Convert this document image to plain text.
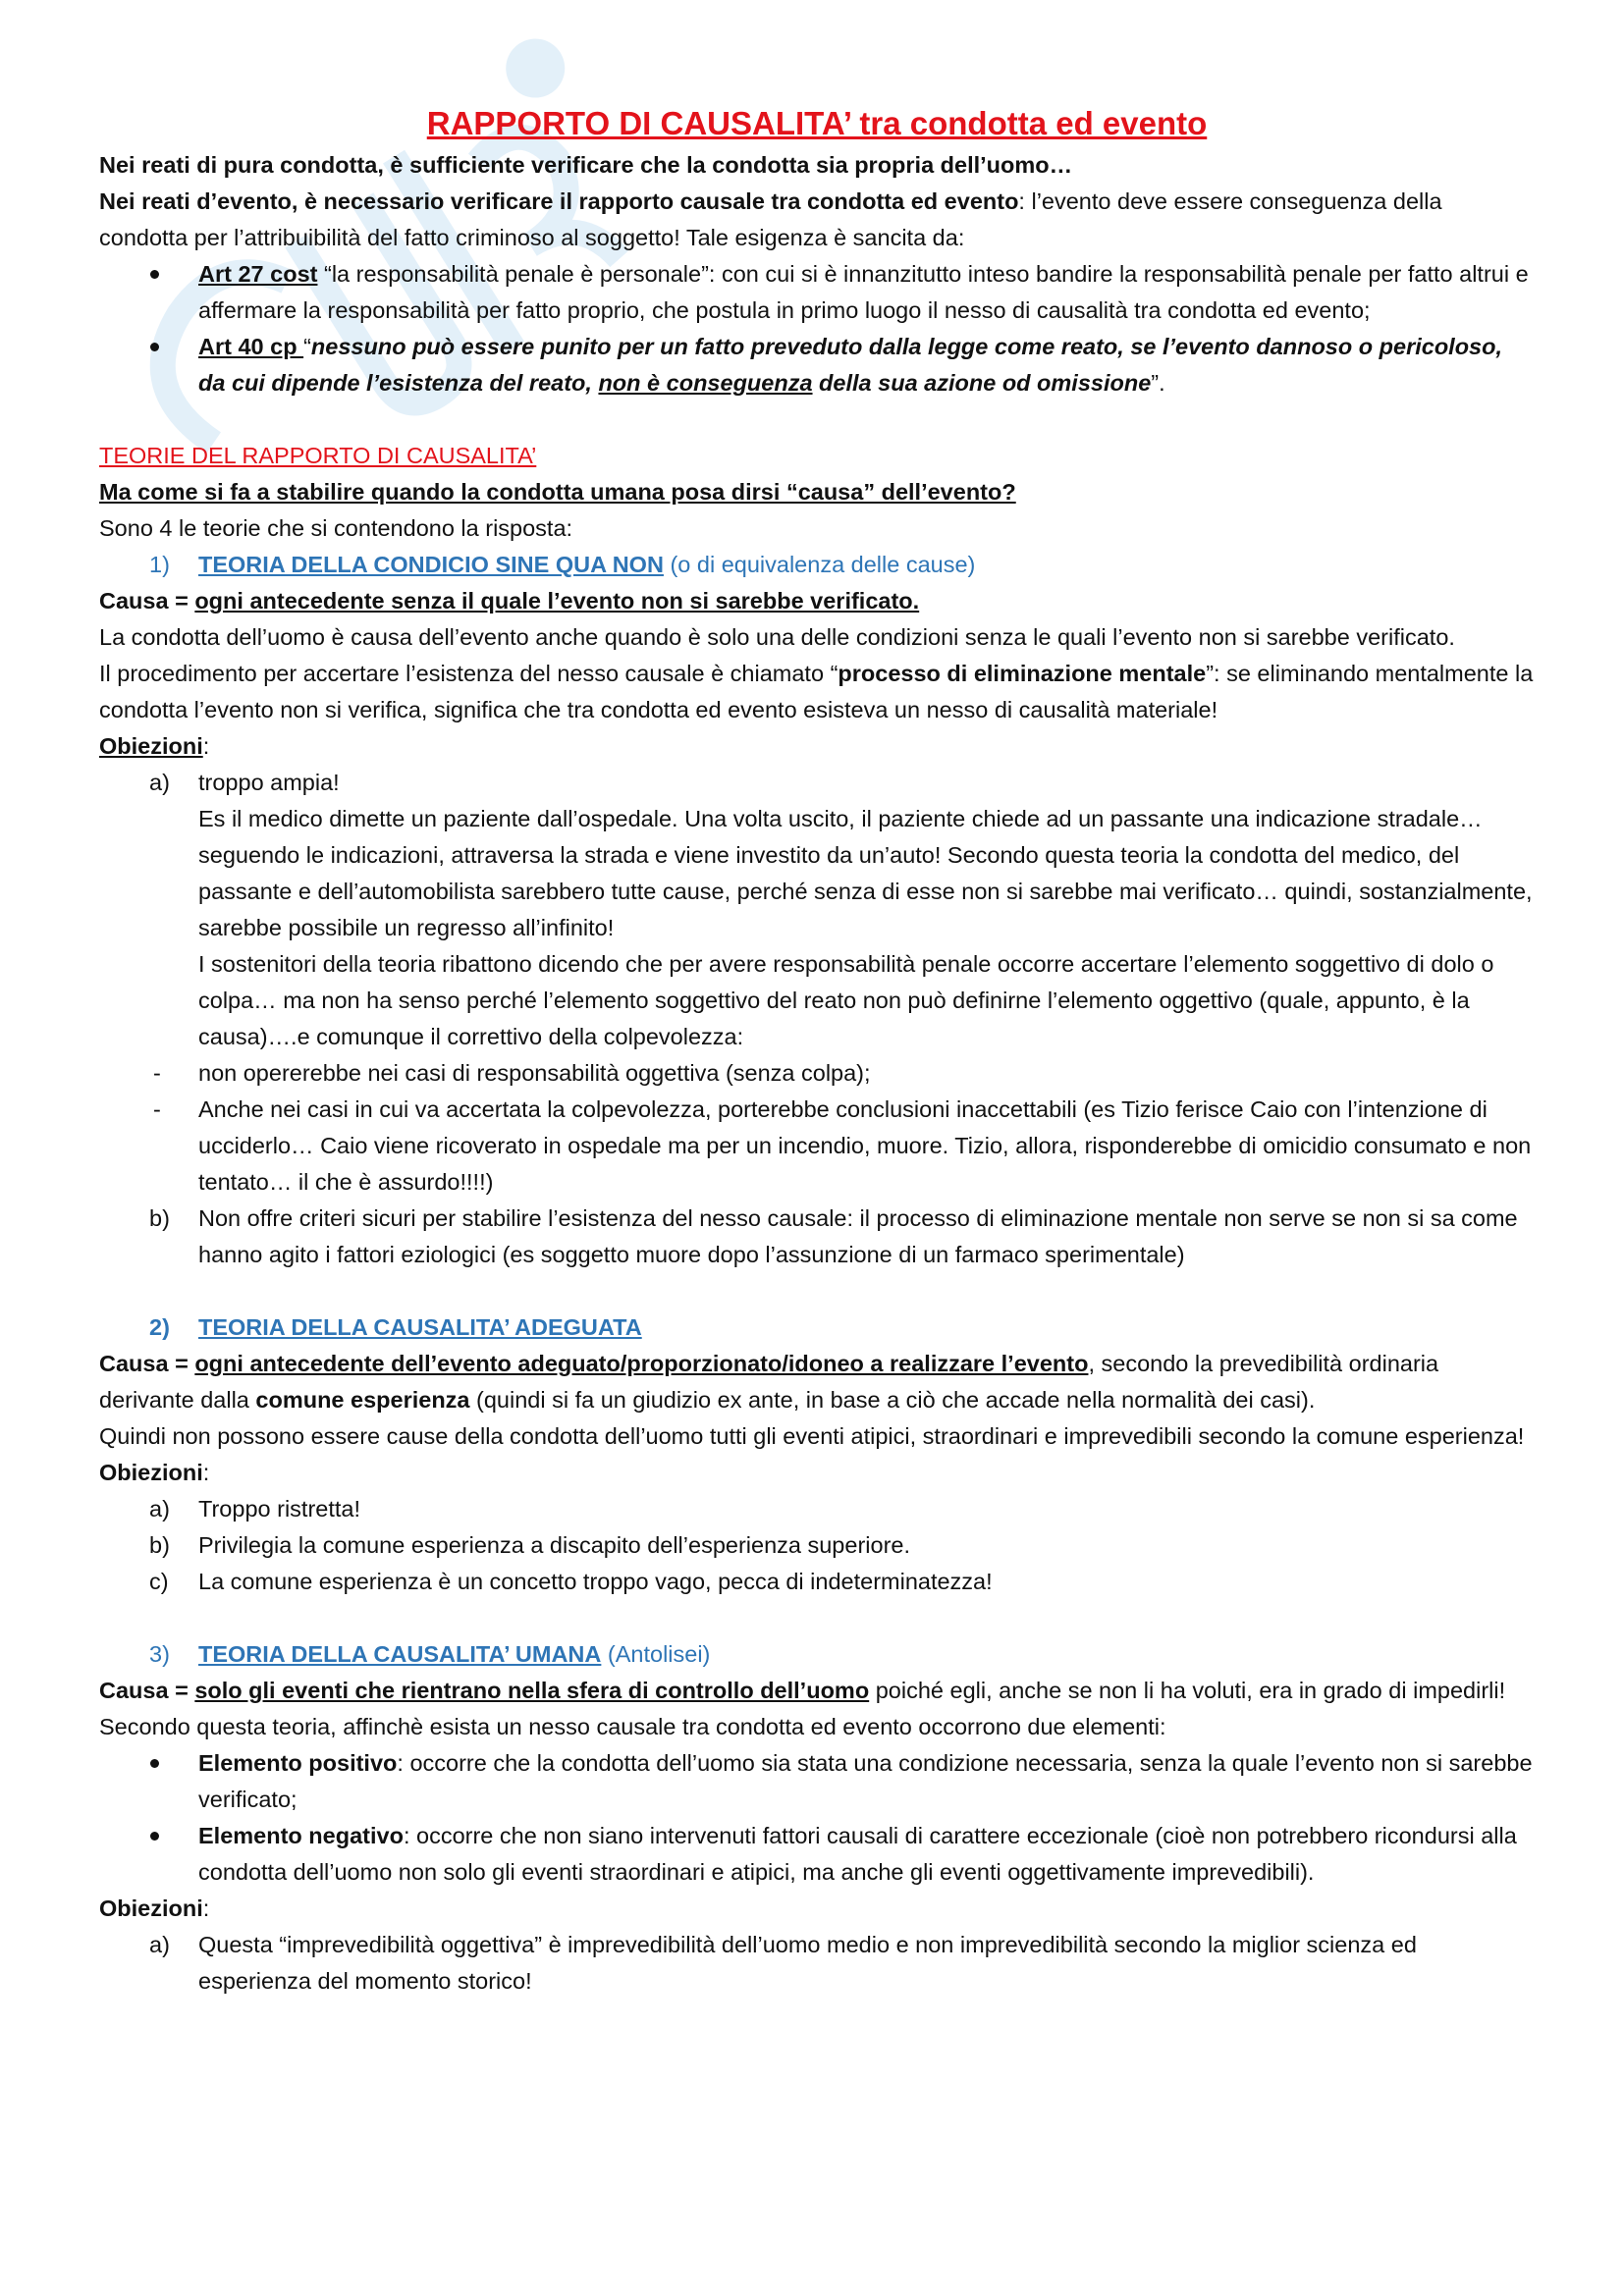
RAPPORTO DI CAUSALITA’ tra condotta ed evento

Nei reati di pura condotta, è sufficiente verificare che la condotta sia propria dell’uomo…

Nei reati d’evento, è necessario verificare il rapporto causale tra condotta ed evento: l’evento deve essere conseguenza della condotta per l’attribuibilità del fatto criminoso al soggetto! Tale esigenza è sancita da:

Art 27 cost “la responsabilità penale è personale”: con cui si è innanzitutto inteso bandire la responsabilità penale per fatto altrui e affermare la responsabilità per fatto proprio, che postula in primo luogo il nesso di causalità tra condotta ed evento;
Art 40 cp “nessuno può essere punito per un fatto preveduto dalla legge come reato, se l’evento dannoso o pericoloso, da cui dipende l’esistenza del reato, non è conseguenza della sua azione od omissione”.

TEORIE DEL RAPPORTO DI CAUSALITA’

Ma come si fa a stabilire quando la condotta umana posa dirsi “causa” dell’evento?

Sono 4 le teorie che si contendono la risposta:

1) TEORIA DELLA CONDICIO SINE QUA NON (o di equivalenza delle cause)

Causa = ogni antecedente senza il quale l’evento non si sarebbe verificato.

La condotta dell’uomo è causa dell’evento anche quando è solo una delle condizioni senza le quali l’evento non si sarebbe verificato.

Il procedimento per accertare l’esistenza del nesso causale è chiamato “processo di eliminazione mentale”: se eliminando mentalmente la condotta l’evento non si verifica, significa che tra condotta ed evento esisteva un nesso di causalità materiale!

Obiezioni:

a) troppo ampia!

Es il medico dimette un paziente dall’ospedale. Una volta uscito, il paziente chiede ad un passante una indicazione stradale… seguendo le indicazioni, attraversa la strada e viene investito da un’auto! Secondo questa teoria la condotta del medico, del passante e dell’automobilista sarebbero tutte cause, perché senza di esse non si sarebbe mai verificato… quindi, sostanzialmente, sarebbe possibile un regresso all’infinito!

I sostenitori della teoria ribattono dicendo che per avere responsabilità penale occorre accertare l’elemento soggettivo di dolo o colpa… ma non ha senso perché l’elemento soggettivo del reato non può definirne l’elemento oggettivo (quale, appunto, è la causa)….e comunque il correttivo della colpevolezza:

- non opererebbe nei casi di responsabilità oggettiva (senza colpa);
- Anche nei casi in cui va accertata la colpevolezza, porterebbe conclusioni inaccettabili (es Tizio ferisce Caio con l’intenzione di ucciderlo… Caio viene ricoverato in ospedale ma per un incendio, muore. Tizio, allora, risponderebbe di omicidio consumato e non tentato… il che è assurdo!!!!)
b) Non offre criteri sicuri per stabilire l’esistenza del nesso causale: il processo di eliminazione mentale non serve se non si sa come hanno agito i fattori eziologici (es soggetto muore dopo l’assunzione di un farmaco sperimentale)
2) TEORIA DELLA CAUSALITA’ ADEGUATA

Causa = ogni antecedente dell’evento adeguato/proporzionato/idoneo a realizzare l’evento, secondo la prevedibilità ordinaria derivante dalla comune esperienza (quindi si fa un giudizio ex ante, in base a ciò che accade nella normalità dei casi).

Quindi non possono essere cause della condotta dell’uomo tutti gli eventi atipici, straordinari e imprevedibili secondo la comune esperienza!

Obiezioni:

a) Troppo ristretta!
b) Privilegia la comune esperienza a discapito dell’esperienza superiore.
c) La comune esperienza è un concetto troppo vago, pecca di indeterminatezza!
3) TEORIA DELLA CAUSALITA’ UMANA (Antolisei)

Causa = solo gli eventi che rientrano nella sfera di controllo dell’uomo poiché egli, anche se non li ha voluti, era in grado di impedirli!

Secondo questa teoria, affinchè esista un nesso causale tra condotta ed evento occorrono due elementi:

Elemento positivo: occorre che la condotta dell’uomo sia stata una condizione necessaria, senza la quale l’evento non si sarebbe verificato;
Elemento negativo: occorre che non siano intervenuti fattori causali di carattere eccezionale (cioè non potrebbero ricondursi alla condotta dell’uomo non solo gli eventi straordinari e atipici, ma anche gli eventi oggettivamente imprevedibili).

Obiezioni:

a) Questa “imprevedibilità oggettiva” è imprevedibilità dell’uomo medio e non imprevedibilità secondo la miglior scienza ed esperienza del momento storico!
